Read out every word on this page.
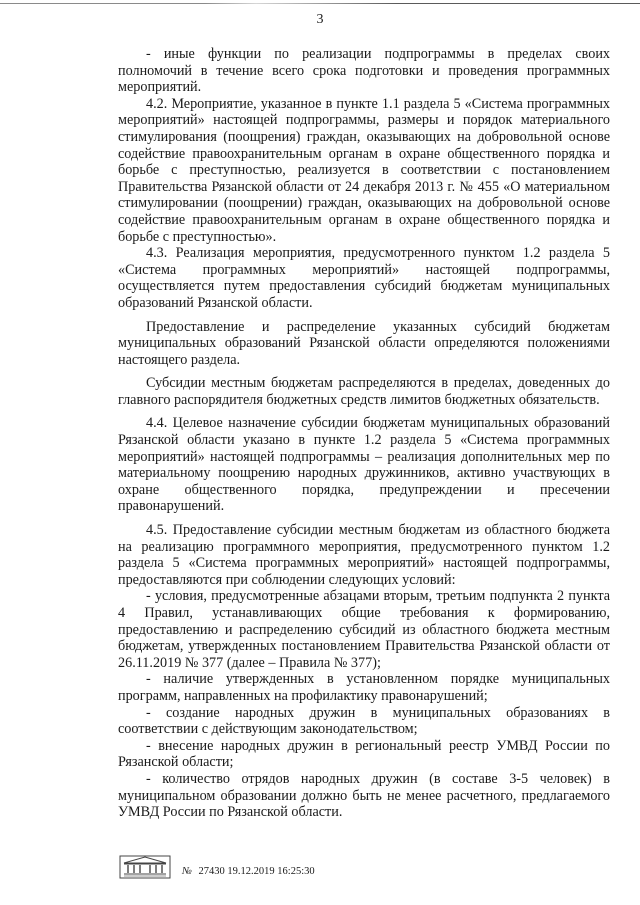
3

- иные функции по реализации подпрограммы в пределах своих полномочий в течение всего срока подготовки и проведения программных мероприятий.

4.2. Мероприятие, указанное в пункте 1.1 раздела 5 «Система программных мероприятий» настоящей подпрограммы, размеры и порядок материального стимулирования (поощрения) граждан, оказывающих на добровольной основе содействие правоохранительным органам в охране общественного порядка и борьбе с преступностью, реализуется в соответствии с постановлением Правительства Рязанской области от 24 декабря 2013 г. № 455 «О материальном стимулировании (поощрении) граждан, оказывающих на добровольной основе содействие правоохранительным органам в охране общественного порядка и борьбе с преступностью».

4.3. Реализация мероприятия, предусмотренного пунктом 1.2 раздела 5 «Система программных мероприятий» настоящей подпрограммы, осуществляется путем предоставления субсидий бюджетам муниципальных образований Рязанской области.

Предоставление и распределение указанных субсидий бюджетам муниципальных образований Рязанской области определяются положениями настоящего раздела.

Субсидии местным бюджетам распределяются в пределах, доведенных до главного распорядителя бюджетных средств лимитов бюджетных обязательств.

4.4. Целевое назначение субсидии бюджетам муниципальных образований Рязанской области указано в пункте 1.2 раздела 5 «Система программных мероприятий» настоящей подпрограммы – реализация дополнительных мер по материальному поощрению народных дружинников, активно участвующих в охране общественного порядка, предупреждении и пресечении правонарушений.

4.5. Предоставление субсидии местным бюджетам из областного бюджета на реализацию программного мероприятия, предусмотренного пунктом 1.2 раздела 5 «Система программных мероприятий» настоящей подпрограммы, предоставляются при соблюдении следующих условий:

- условия, предусмотренные абзацами вторым, третьим подпункта 2 пункта 4 Правил, устанавливающих общие требования к формированию, предоставлению и распределению субсидий из областного бюджета местным бюджетам, утвержденных постановлением Правительства Рязанской области от 26.11.2019 № 377 (далее – Правила № 377);

- наличие утвержденных в установленном порядке муниципальных программ, направленных на профилактику правонарушений;

- создание народных дружин в муниципальных образованиях в соответствии с действующим законодательством;

- внесение народных дружин в региональный реестр УМВД России по Рязанской области;

- количество отрядов народных дружин (в составе 3-5 человек) в муниципальном образовании должно быть не менее расчетного, предлагаемого УМВД России по Рязанской области.

№ 27430 19.12.2019 16:25:30
